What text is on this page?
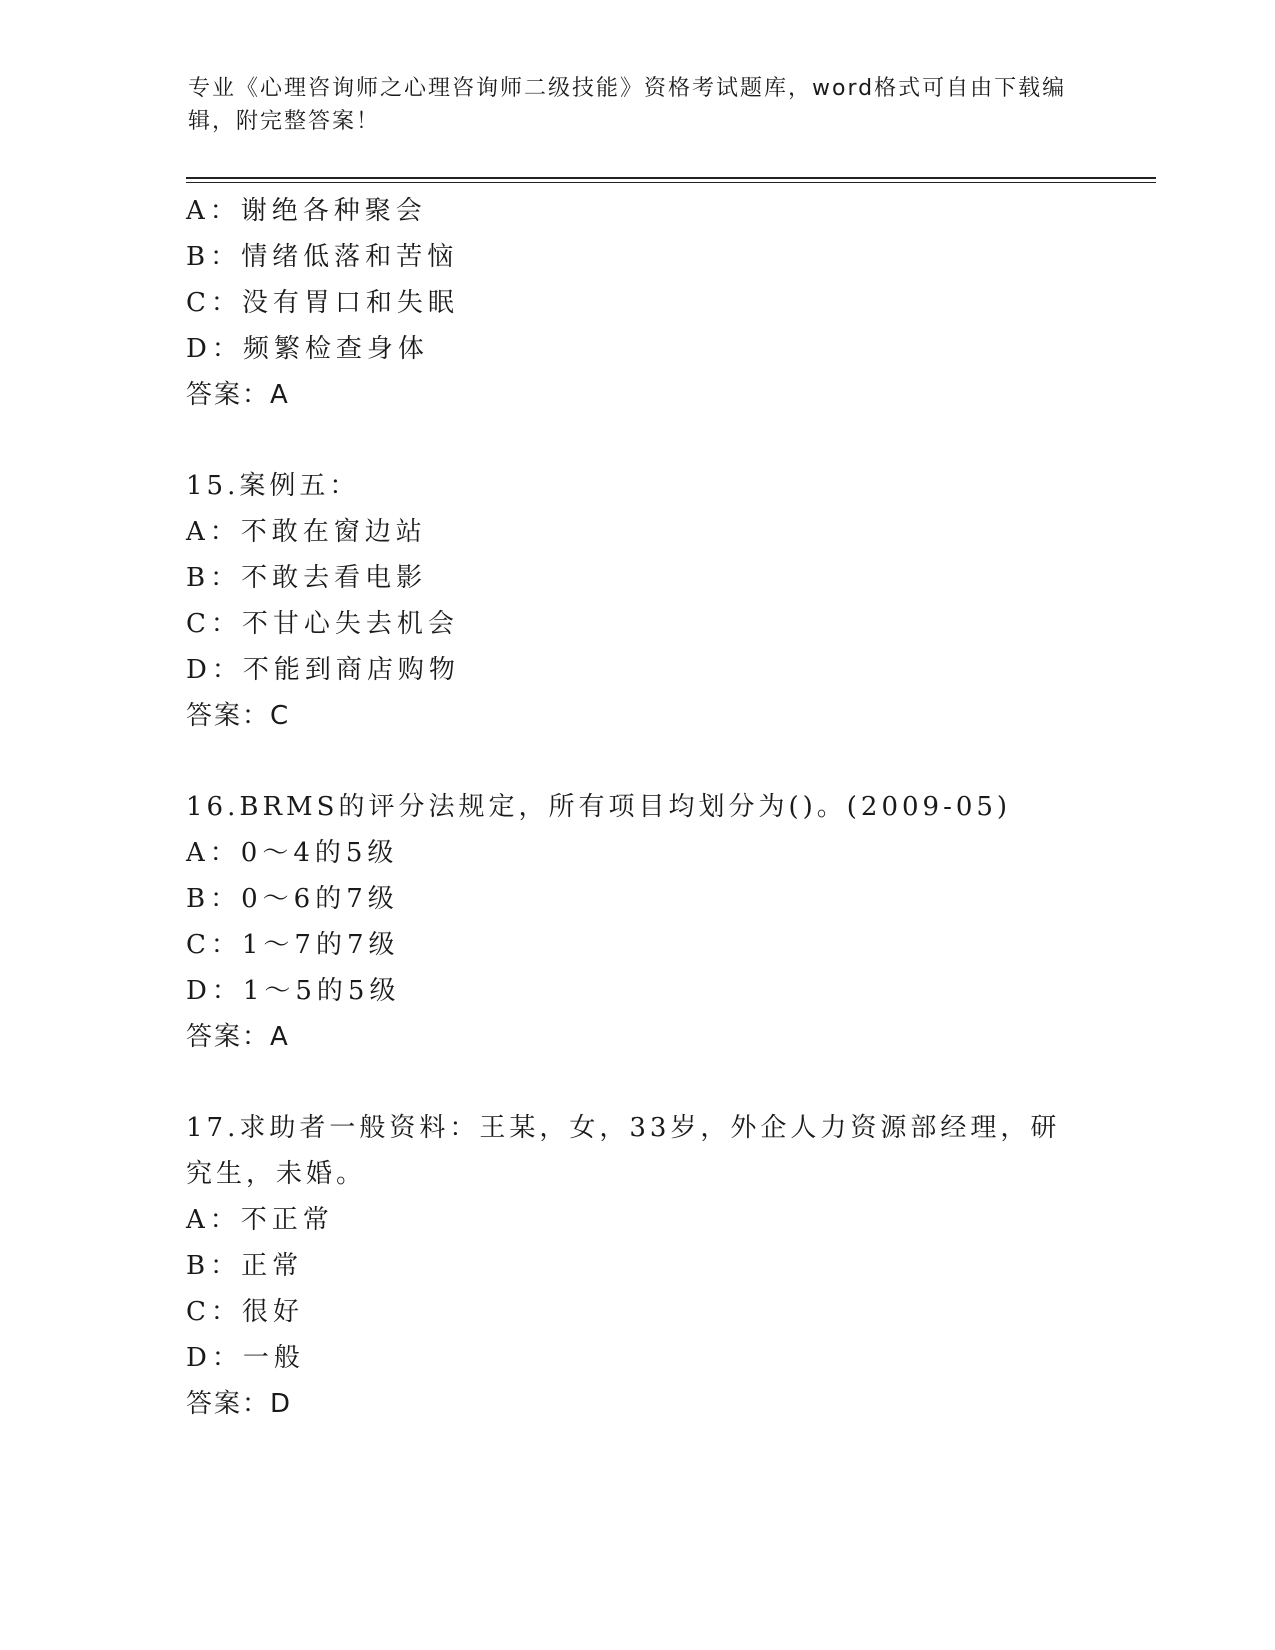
专业《心理咨询师之心理咨询师二级技能》资格考试题库，word格式可自由下载编辑，附完整答案！
A：谢绝各种聚会
B：情绪低落和苦恼
C：没有胃口和失眠
D：频繁检查身体
答案：A
15.案例五：
A：不敢在窗边站
B：不敢去看电影
C：不甘心失去机会
D：不能到商店购物
答案：C
16.BRMS的评分法规定，所有项目均划分为()。(2009-05)
A：0～4的5级
B：0～6的7级
C：1～7的7级
D：1～5的5级
答案：A
17.求助者一般资料：王某，女，33岁，外企人力资源部经理，研究生，未婚。
A：不正常
B：正常
C：很好
D：一般
答案：D
